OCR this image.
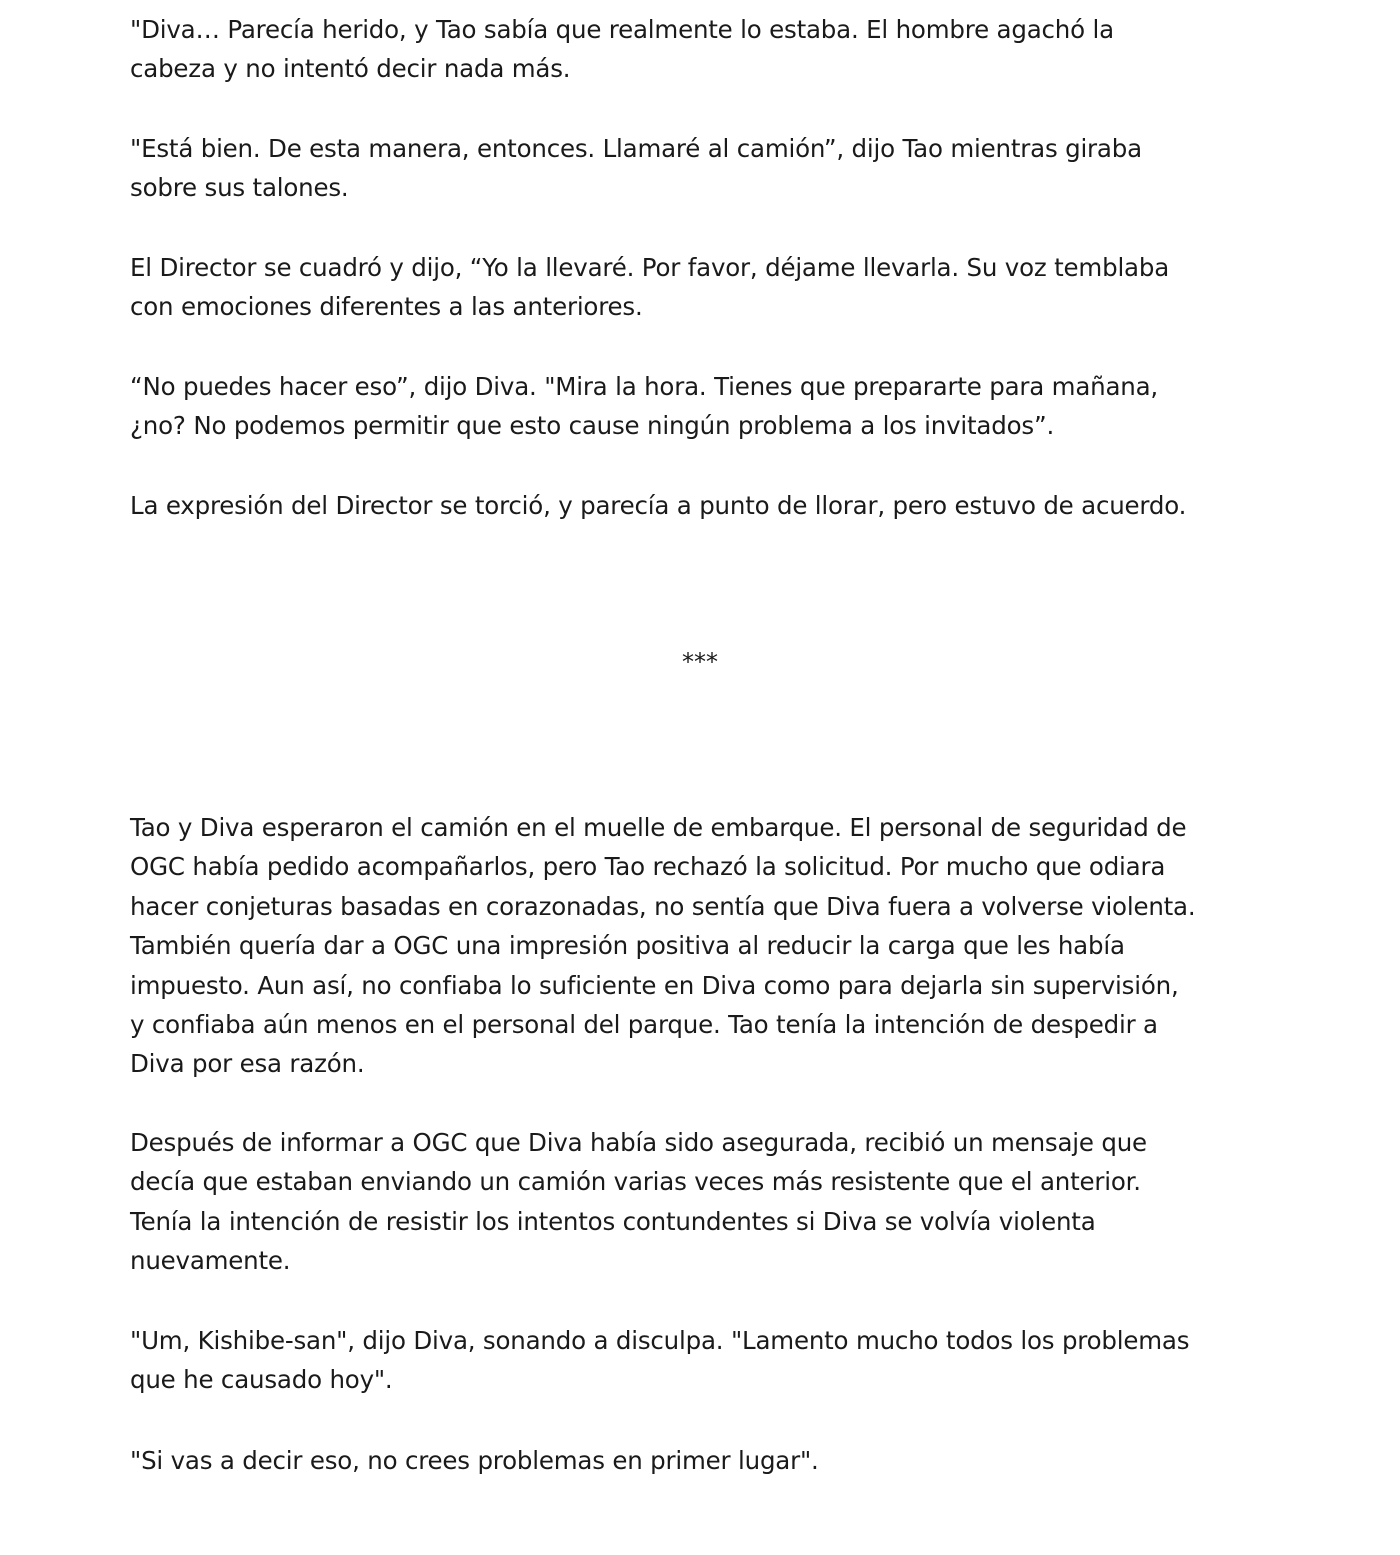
"Diva… Parecía herido, y Tao sabía que realmente lo estaba. El hombre agachó la
cabeza y no intentó decir nada más.
"Está bien. De esta manera, entonces. Llamaré al camión”, dijo Tao mientras giraba
sobre sus talones.
El Director se cuadró y dijo, “Yo la llevaré. Por favor, déjame llevarla. Su voz temblaba
con emociones diferentes a las anteriores.
“No puedes hacer eso”, dijo Diva. "Mira la hora. Tienes que prepararte para mañana,
¿no? No podemos permitir que esto cause ningún problema a los invitados”.
La expresión del Director se torció, y parecía a punto de llorar, pero estuvo de acuerdo.
***
Tao y Diva esperaron el camión en el muelle de embarque. El personal de seguridad de
OGC había pedido acompañarlos, pero Tao rechazó la solicitud. Por mucho que odiara
hacer conjeturas basadas en corazonadas, no sentía que Diva fuera a volverse violenta.
También quería dar a OGC una impresión positiva al reducir la carga que les había
impuesto. Aun así, no confiaba lo suficiente en Diva como para dejarla sin supervisión,
y confiaba aún menos en el personal del parque. Tao tenía la intención de despedir a
Diva por esa razón.
Después de informar a OGC que Diva había sido asegurada, recibió un mensaje que
decía que estaban enviando un camión varias veces más resistente que el anterior.
Tenía la intención de resistir los intentos contundentes si Diva se volvía violenta
nuevamente.
"Um, Kishibe-san", dijo Diva, sonando a disculpa. "Lamento mucho todos los problemas
que he causado hoy".
"Si vas a decir eso, no crees problemas en primer lugar".
